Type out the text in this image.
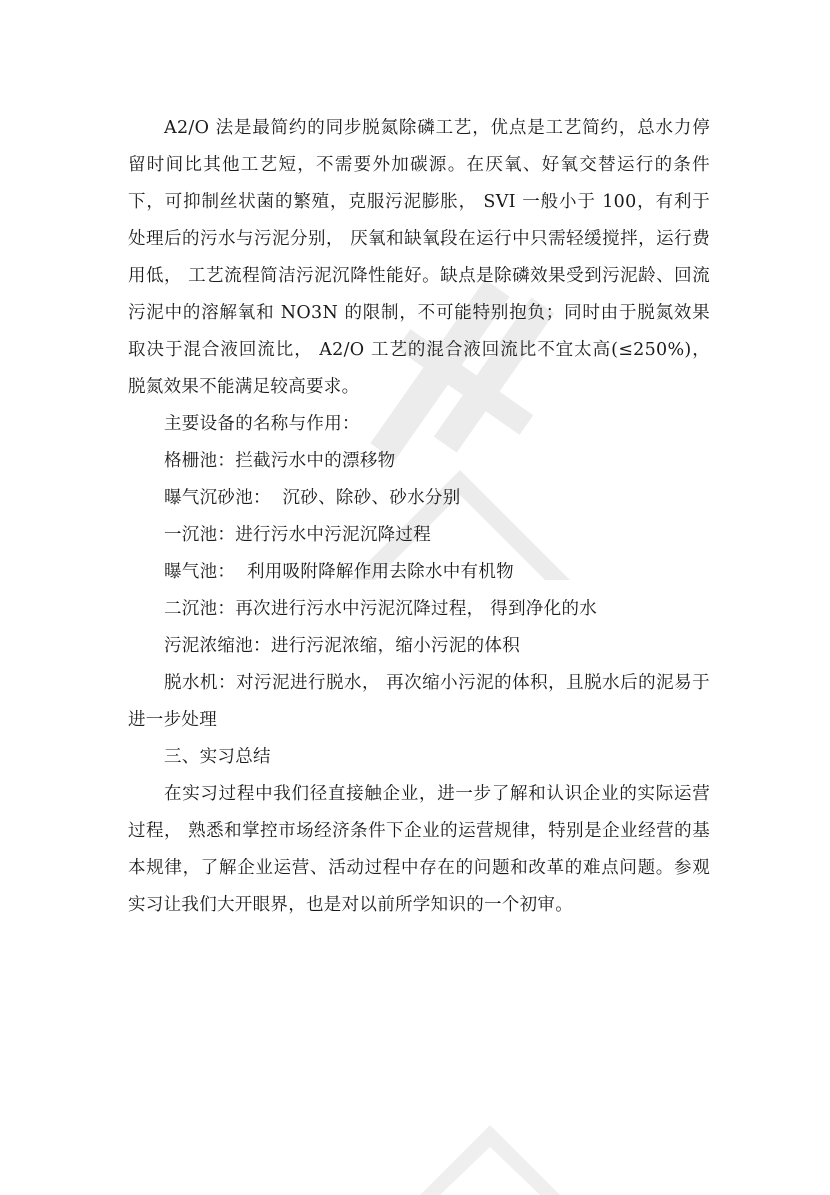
A2/O 法是最简约的同步脱氮除磷工艺，优点是工艺简约，总水力停留时间比其他工艺短，不需要外加碳源。在厌氧、好氧交替运行的条件下，可抑制丝状菌的繁殖，克服污泥膨胀， SVI 一般小于 100，有利于处理后的污水与污泥分别， 厌氧和缺氧段在运行中只需轻缓搅拌，运行费用低， 工艺流程简洁污泥沉降性能好。缺点是除磷效果受到污泥龄、回流污泥中的溶解氧和 NO3N 的限制，不可能特别抱负；同时由于脱氮效果取决于混合液回流比， A2/O 工艺的混合液回流比不宜太高(≤250%)，脱氮效果不能满足较高要求。

主要设备的名称与作用：

格栅池：拦截污水中的漂移物

曝气沉砂池：  沉砂、除砂、砂水分别

一沉池：进行污水中污泥沉降过程

曝气池：  利用吸附降解作用去除水中有机物

二沉池：再次进行污水中污泥沉降过程， 得到净化的水

污泥浓缩池：进行污泥浓缩，缩小污泥的体积

脱水机：对污泥进行脱水， 再次缩小污泥的体积，且脱水后的泥易于进一步处理

三、实习总结

在实习过程中我们径直接触企业，进一步了解和认识企业的实际运营过程， 熟悉和掌控市场经济条件下企业的运营规律，特别是企业经营的基本规律，了解企业运营、活动过程中存在的问题和改革的难点问题。参观实习让我们大开眼界，也是对以前所学知识的一个初审。
